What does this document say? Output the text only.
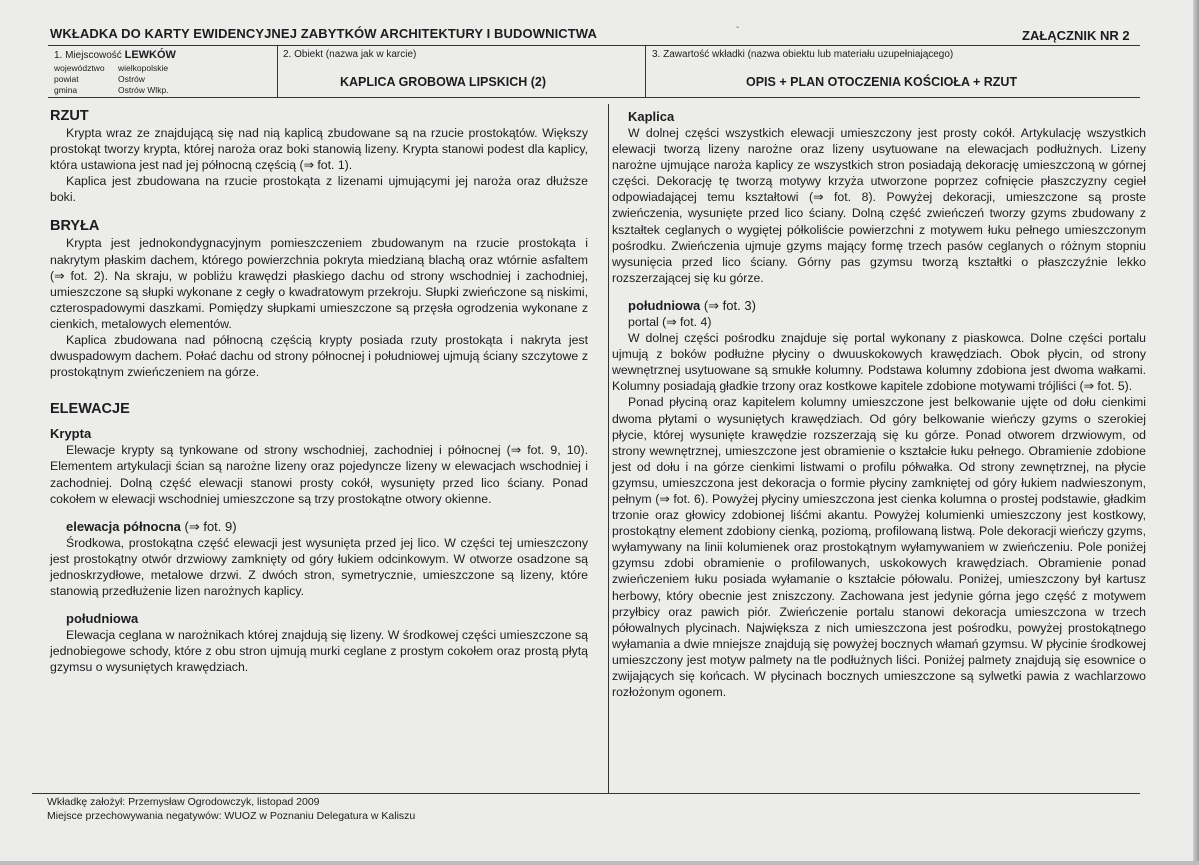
WKŁADKA DO KARTY EWIDENCYJNEJ ZABYTKÓW ARCHITEKTURY I BUDOWNICTWA	-
ZAŁĄCZNIK NR 2
1. Miejscowość LEWKÓW
województwo wielkopolskie
powiat	Ostrów
gmina	Ostrów Wlkp.
2. Obiekt (nazwa jak w karcie)
KAPLICA GROBOWA LIPSKICH (2)
3. Zawartość wkładki (nazwa obiektu lub materiału uzupełniającego)
OPIS + PLAN OTOCZENIA KOŚCIOŁA + RZUT
RZUT

Krypta wraz ze znajdującą się nad nią kaplicą zbudowane są na rzucie prostokątów. Większy prostokąt tworzy krypta, której naroża oraz boki stanowią lizeny. Krypta stanowi podest dla kaplicy, która ustawiona jest nad jej północną częścią (⇒ fot. 1).

Kaplica jest zbudowana na rzucie prostokąta z lizenami ujmującymi jej naroża oraz dłuższe boki.

BRYŁA

Krypta jest jednokondygnacyjnym pomieszczeniem zbudowanym na rzucie prostokąta i nakrytym płaskim dachem, którego powierzchnia pokryta miedzianą blachą oraz wtórnie asfaltem (⇒ fot. 2). Na skraju, w pobliżu krawędzi płaskiego dachu od strony wschodniej i zachodniej, umieszczone są słupki wykonane z cegły o kwadratowym przekroju. Słupki zwieńczone są niskimi, czterospadowymi daszkami. Pomiędzy słupkami umieszczone są przęsła ogrodzenia wykonane z cienkich, metalowych elementów.

Kaplica zbudowana nad północną częścią krypty posiada rzuty prostokąta i nakryta jest dwuspadowym dachem. Połać dachu od strony północnej i południowej ujmują ściany szczytowe z prostokątnym zwieńczeniem na górze.

ELEWACJE
Krypta

Elewacje krypty są tynkowane od strony wschodniej, zachodniej i północnej (⇒ fot. 9, 10). Elementem artykulacji ścian są narożne lizeny oraz pojedyncze lizeny w elewacjach wschodniej i zachodniej. Dolną część elewacji stanowi prosty cokół, wysunięty przed lico ściany. Ponad cokołem w elewacji wschodniej umieszczone są trzy prostokątne otwory okienne.

elewacja północna (⇒ fot. 9)

Środkowa, prostokątna część elewacji jest wysunięta przed jej lico. W części tej umieszczony jest prostokątny otwór drzwiowy zamknięty od góry łukiem odcinkowym. W otworze osadzone są jednoskrzydłowe, metalowe drzwi. Z dwóch stron, symetrycznie, umieszczone są lizeny, które stanowią przedłużenie lizen narożnych kaplicy.

południowa

Elewacja ceglana w narożnikach której znajdują się lizeny. W środkowej części umieszczone są jednobiegowe schody, które z obu stron ujmują murki ceglane z prostym cokołem oraz prostą płytą gzymsu o wysuniętych krawędziach.

Kaplica

W dolnej części wszystkich elewacji umieszczony jest prosty cokół. Artykulację wszystkich elewacji tworzą lizeny narożne oraz lizeny usytuowane na elewacjach podłużnych. Lizeny narożne ujmujące naroża kaplicy ze wszystkich stron posiadają dekorację umieszczoną w górnej części. Dekorację tę tworzą motywy krzyża utworzone poprzez cofnięcie płaszczyzny cegieł odpowiadającej temu kształtowi (⇒ fot. 8). Powyżej dekoracji, umieszczone są proste zwieńczenia, wysunięte przed lico ściany. Dolną część zwieńczeń tworzy gzyms zbudowany z kształtek ceglanych o wygiętej półkoliście powierzchni z motywem łuku pełnego umieszczonym pośrodku. Zwieńczenia ujmuje gzyms mający formę trzech pasów ceglanych o różnym stopniu wysunięcia przed lico ściany. Górny pas gzymsu tworzą kształtki o płaszczyźnie lekko rozszerzającej się ku górze.

południowa (⇒ fot. 3)
portal (⇒ fot. 4)

W dolnej części pośrodku znajduje się portal wykonany z piaskowca. Dolne części portalu ujmują z boków podłużne płyciny o dwuuskokowych krawędziach. Obok płycin, od strony wewnętrznej usytuowane są smukłe kolumny. Podstawa kolumny zdobiona jest dwoma wałkami. Kolumny posiadają gładkie trzony oraz kostkowe kapitele zdobione motywami trójliści (⇒ fot. 5).

Ponad płyciną oraz kapitelem kolumny umieszczone jest belkowanie ujęte od dołu cienkimi dwoma płytami o wysuniętych krawędziach. Od góry belkowanie wieńczy gzyms o szerokiej płycie, której wysunięte krawędzie rozszerzają się ku górze. Ponad otworem drzwiowym, od strony wewnętrznej, umieszczone jest obramienie o kształcie łuku pełnego. Obramienie zdobione jest od dołu i na górze cienkimi listwami o profilu półwałka. Od strony zewnętrznej, na płycie gzymsu, umieszczona jest dekoracja o formie płyciny zamkniętej od góry łukiem nadwieszonym, pełnym (⇒ fot. 6). Powyżej płyciny umieszczona jest cienka kolumna o prostej podstawie, gładkim trzonie oraz głowicy zdobionej liśćmi akantu. Powyżej kolumienki umieszczony jest kostkowy, prostokątny element zdobiony cienką, poziomą, profilowaną listwą. Pole dekoracji wieńczy gzyms, wyłamywany na linii kolumienek oraz prostokątnym wyłamywaniem w zwieńczeniu. Pole poniżej gzymsu zdobi obramienie o profilowanych, uskokowych krawędziach. Obramienie ponad zwieńczeniem łuku posiada wyłamanie o kształcie półowalu. Poniżej, umieszczony był kartusz herbowy, który obecnie jest zniszczony. Zachowana jest jedynie górna jego część z motywem przyłbicy oraz pawich piór. Zwieńczenie portalu stanowi dekoracja umieszczona w trzech półowalnych plycinach. Największa z nich umieszczona jest pośrodku, powyżej prostokątnego wyłamania a dwie mniejsze znajdują się powyżej bocznych włamań gzymsu. W płycinie środkowej umieszczony jest motyw palmety na tle podłużnych liści. Poniżej palmety znajdują się esownice o zwijających się końcach. W płycinach bocznych umieszczone są sylwetki pawia z wachlarzowo rozłożonym ogonem.

Wkładkę założył: Przemysław Ogrodowczyk, listopad 2009
Miejsce przechowywania negatywów: WUOZ w Poznaniu Delegatura w Kaliszu
